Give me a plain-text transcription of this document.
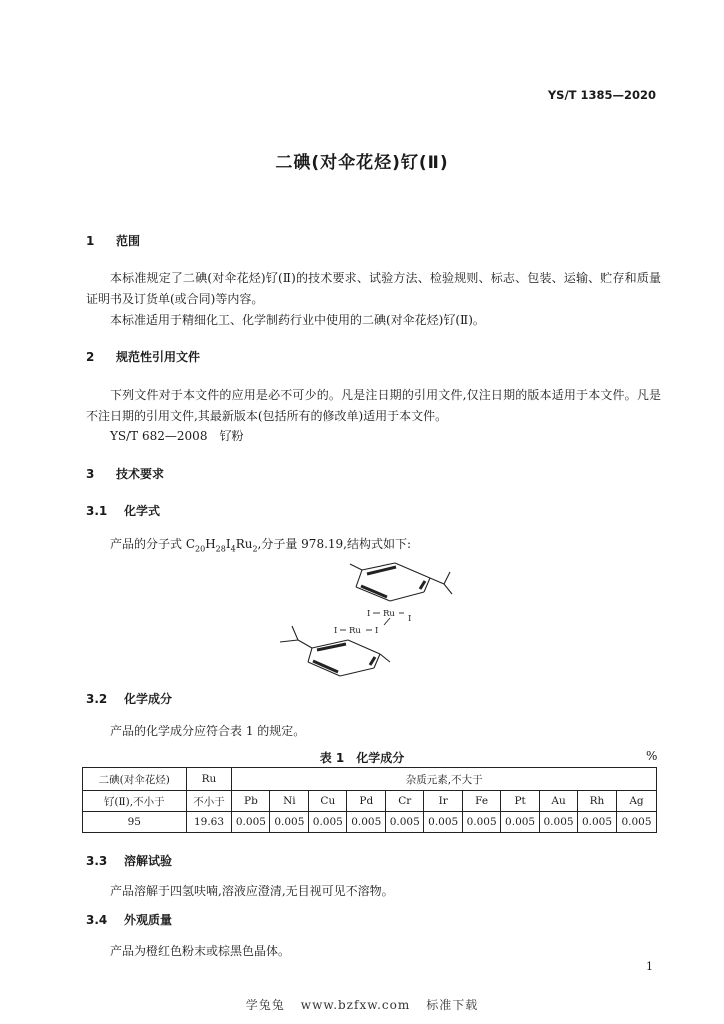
YS/T 1385—2020
二碘(对伞花烃)钌(Ⅱ)
1 范围
本标准规定了二碘(对伞花烃)钌(Ⅱ)的技术要求、试验方法、检验规则、标志、包装、运输、贮存和质量证明书及订货单(或合同)等内容。
本标准适用于精细化工、化学制药行业中使用的二碘(对伞花烃)钌(Ⅱ)。
2 规范性引用文件
下列文件对于本文件的应用是必不可少的。凡是注日期的引用文件,仅注日期的版本适用于本文件。凡是不注日期的引用文件,其最新版本(包括所有的修改单)适用于本文件。
YS/T 682—2008　钌粉
3 技术要求
3.1 化学式
产品的分子式 $C_{20}H_{28}I_4Ru_2$,分子量 978.19,结构式如下:
I Ru I
I Ru I
3.2 化学成分
产品的化学成分应符合表 1 的规定。
表 1　化学成分	%
二碘(对伞花烃)	Ru	杂质元素,不大于										
钌(Ⅱ),不小于	不小于	Pb	Ni	Cu	Pd	Cr	Ir	Fe	Pt	Au	Rh	Ag
95	19.63	0.005	0.005	0.005	0.005	0.005	0.005	0.005	0.005	0.005	0.005	0.005
3.3 溶解试验
产品溶解于四氢呋喃,溶液应澄清,无目视可见不溶物。
3.4 外观质量
产品为橙红色粉末或棕黑色晶体。
1
学兔兔 www.bzfxw.com 标准下载
